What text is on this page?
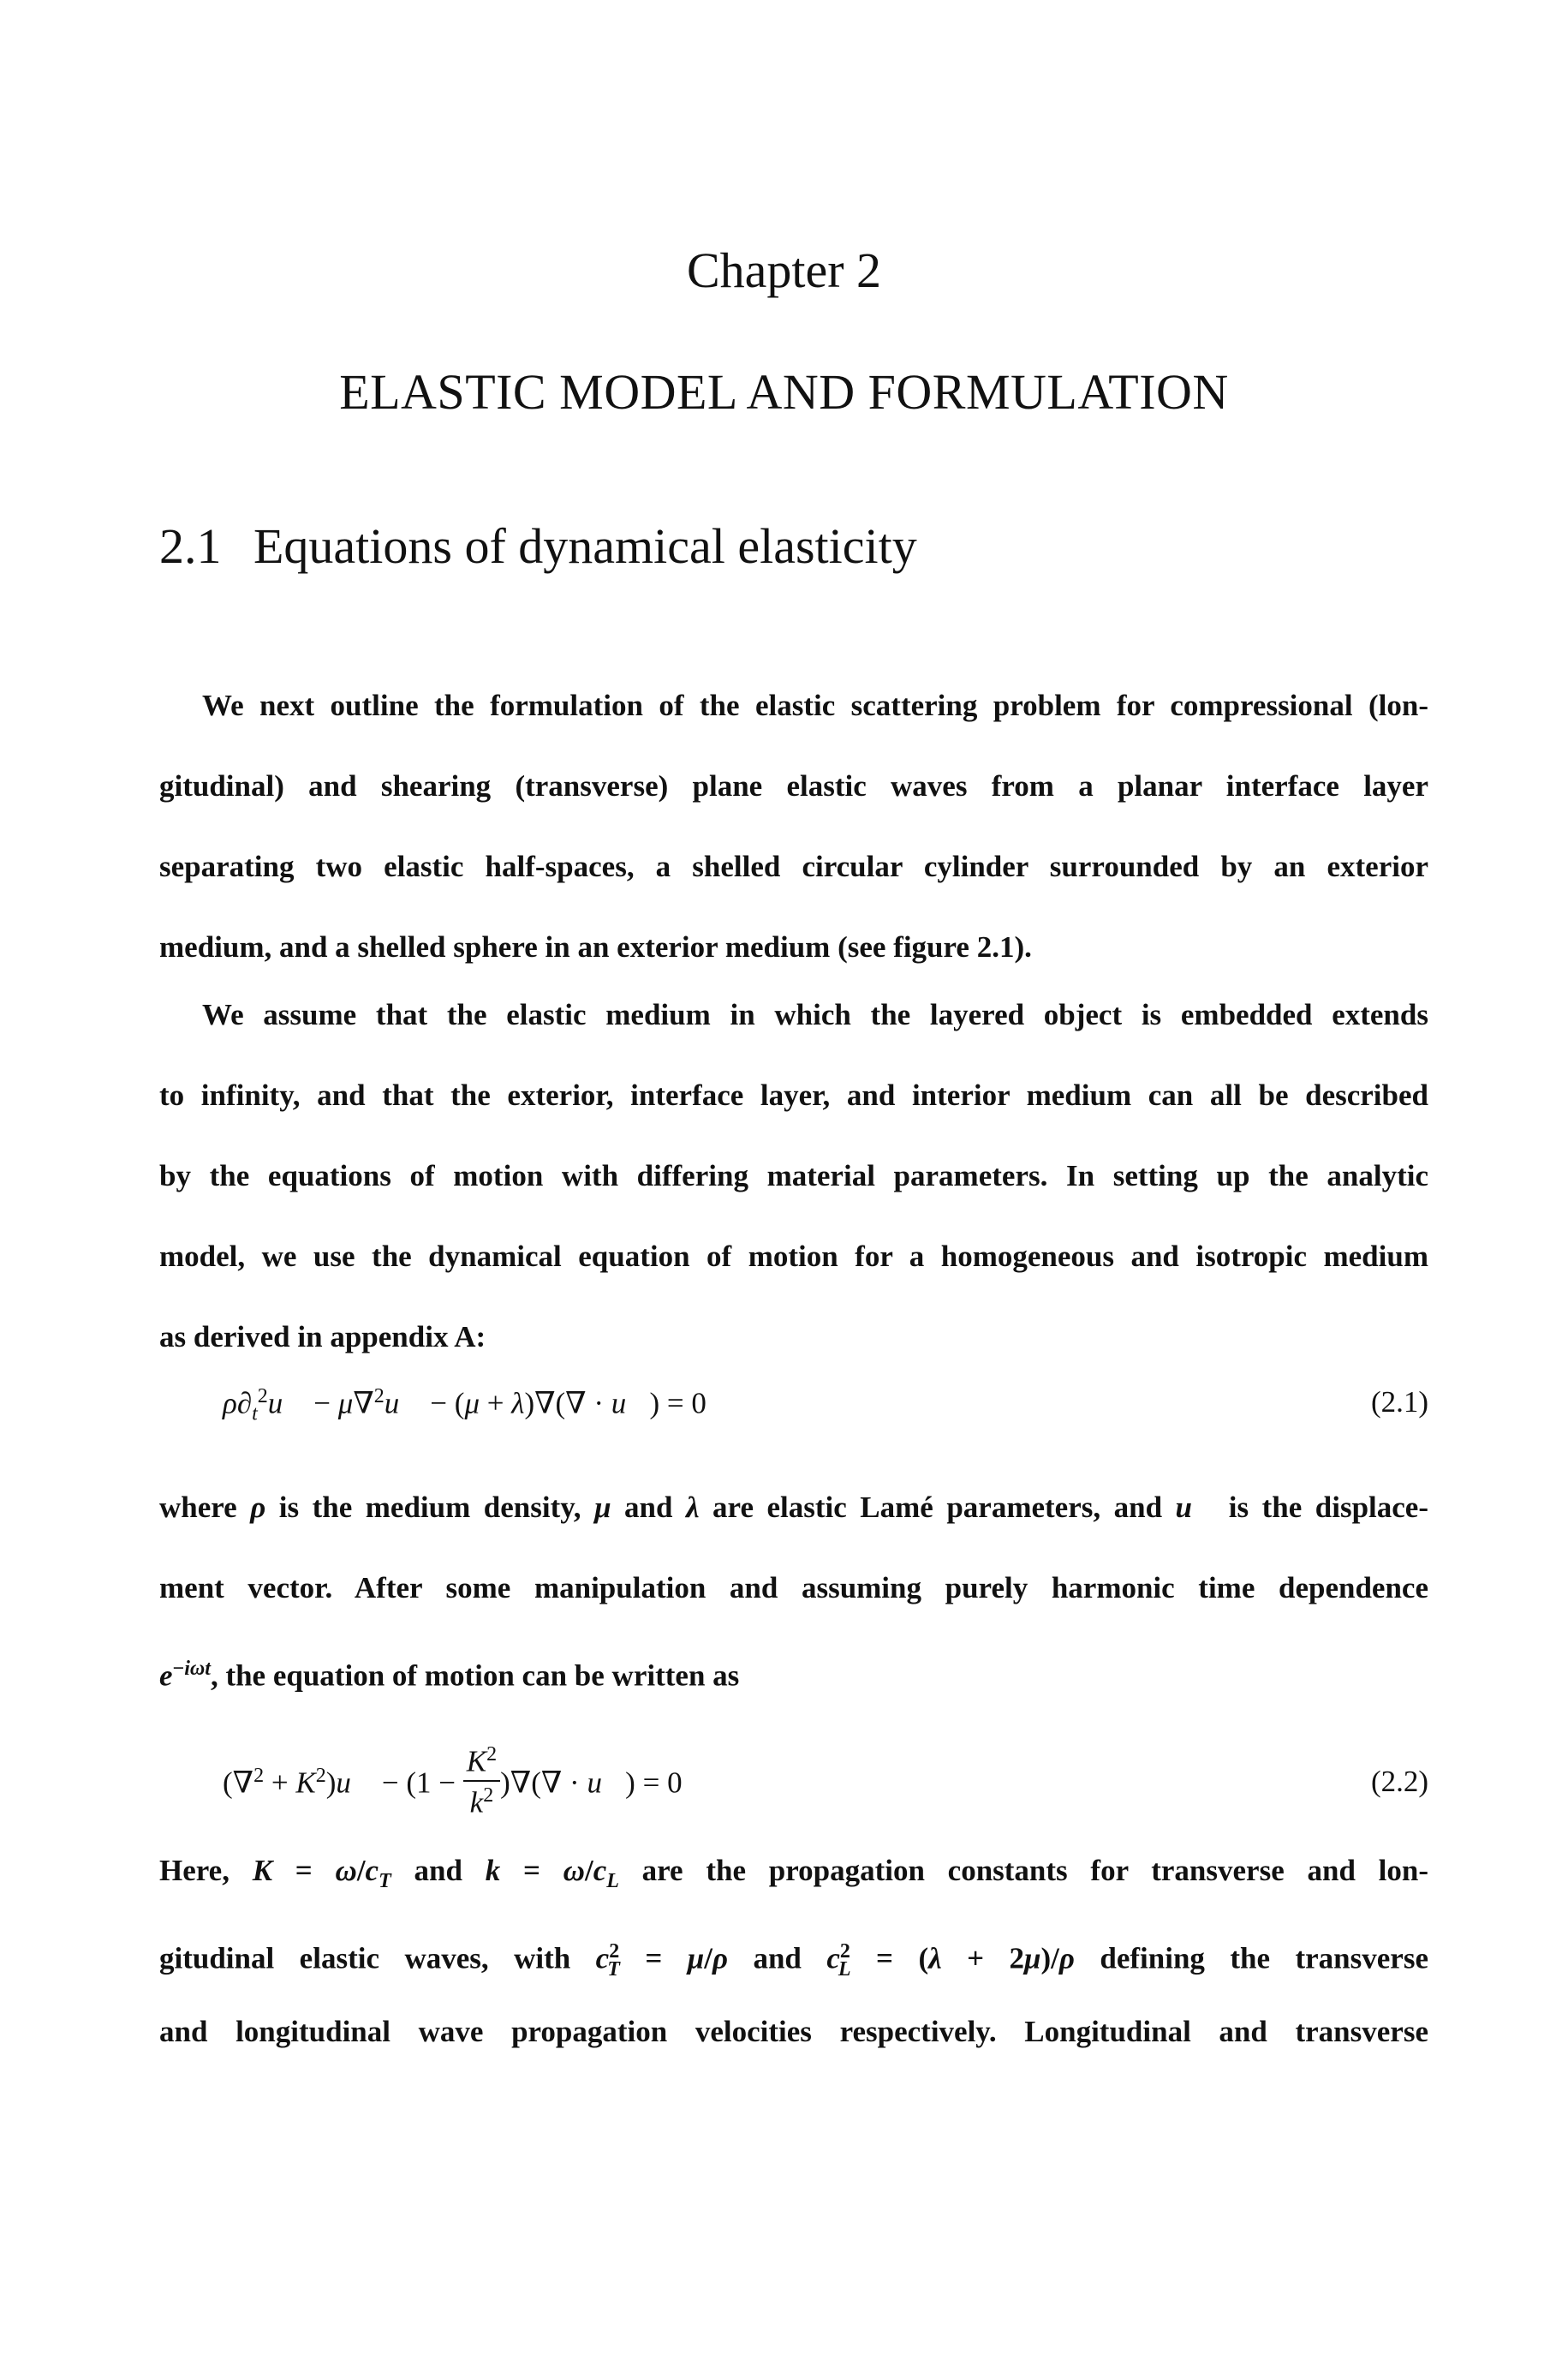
Chapter 2
ELASTIC MODEL AND FORMULATION
2.1 Equations of dynamical elasticity
We next outline the formulation of the elastic scattering problem for compressional (lon-
gitudinal) and shearing (transverse) plane elastic waves from a planar interface layer
separating two elastic half-spaces, a shelled circular cylinder surrounded by an exterior
medium, and a shelled sphere in an exterior medium (see figure 2.1).
We assume that the elastic medium in which the layered object is embedded extends
to infinity, and that the exterior, interface layer, and interior medium can all be described
by the equations of motion with differing material parameters. In setting up the analytic
model, we use the dynamical equation of motion for a homogeneous and isotropic medium
as derived in appendix A:
$\rho\partial_t^2u⃗$ − μ∇$^2$u⃗ − (μ + λ)∇(∇ · u⃗) = 0	(2.1)
where ρ is the medium density, μ and λ are elastic Lamé parameters, and u⃗ is the displace-
ment vector. After some manipulation and assuming purely harmonic time dependence
$e^{-i\omega t}$, the equation of motion can be written as
$(\nabla^2 + K^2)u⃗ - (1 - \frac{K^2}{k^2}$ )∇(∇ · u⃗) = 0	(2.2)
Here, $K = \omega/c_T$ and $k = \omega/c_L$ are the propagation constants for transverse and lon-
gitudinal elastic waves, with $c^2_T = \mu/\rho$ and $c^2_L = (\lambda + 2\mu)/\rho$ defining the transverse
and longitudinal wave propagation velocities respectively. Longitudinal and transverse
